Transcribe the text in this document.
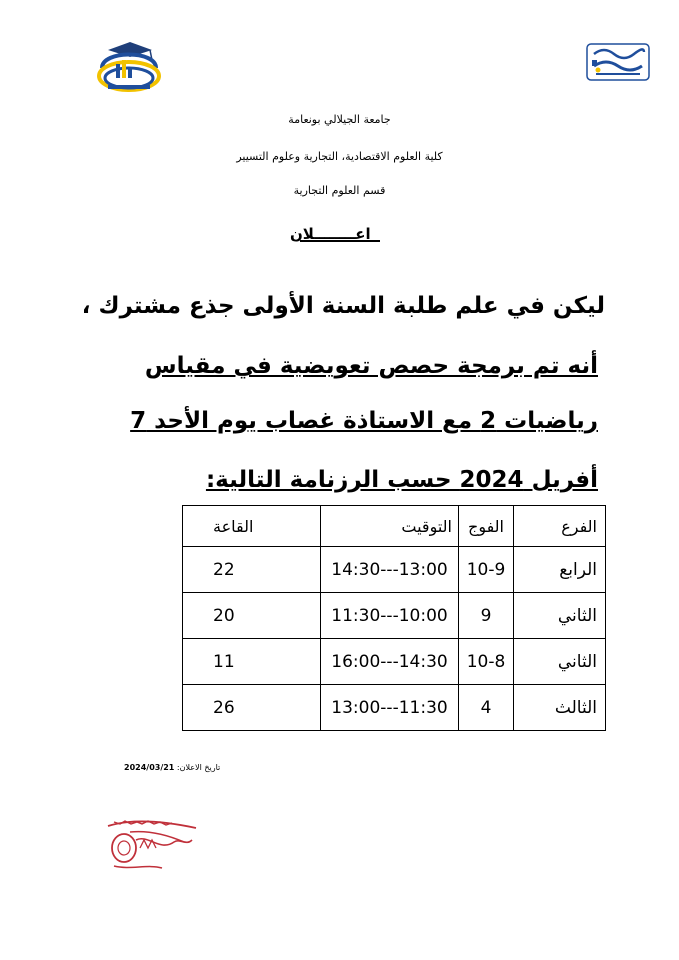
جامعة الجيلالي بونعامة
كلية العلوم الاقتصادية، التجارية وعلوم التسيير
قسم العلوم التجارية
اعــــــــلان
ليكن في علم طلبة السنة الأولى جذع مشترك ،
أنه تم برمجة حصص تعويضية في مقياس
رياضيات 2 مع الاستاذة غصاب يوم الأحد 7
أفريل 2024 حسب الرزنامة التالية:
الفرع	الفوج	التوقيت	القاعة
الرابع	10-9	13:00---14:30	22
الثاني	9	10:00---11:30	20
الثاني	10-8	14:30---16:00	11
الثالث	4	11:30---13:00	26
تاريخ الاعلان: 2024/03/21
